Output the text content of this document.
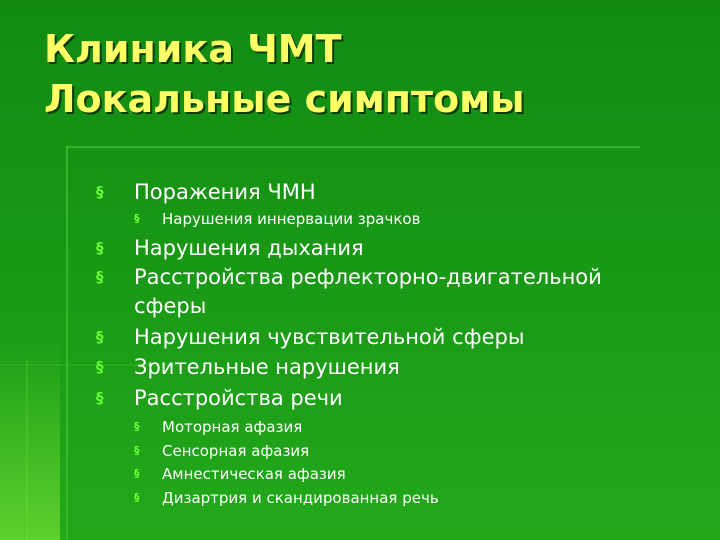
Клиника ЧМТ
Локальные симптомы
§ Поражения ЧМН
§ Нарушения иннервации зрачков
§ Нарушения дыхания
§ Расстройства рефлекторно-двигательной
сферы
§ Нарушения чувствительной сферы
§ Зрительные нарушения
§ Расстройства речи
§ Моторная афазия
§ Сенсорная афазия
§ Амнестическая афазия
§ Дизартрия и скандированная речь
